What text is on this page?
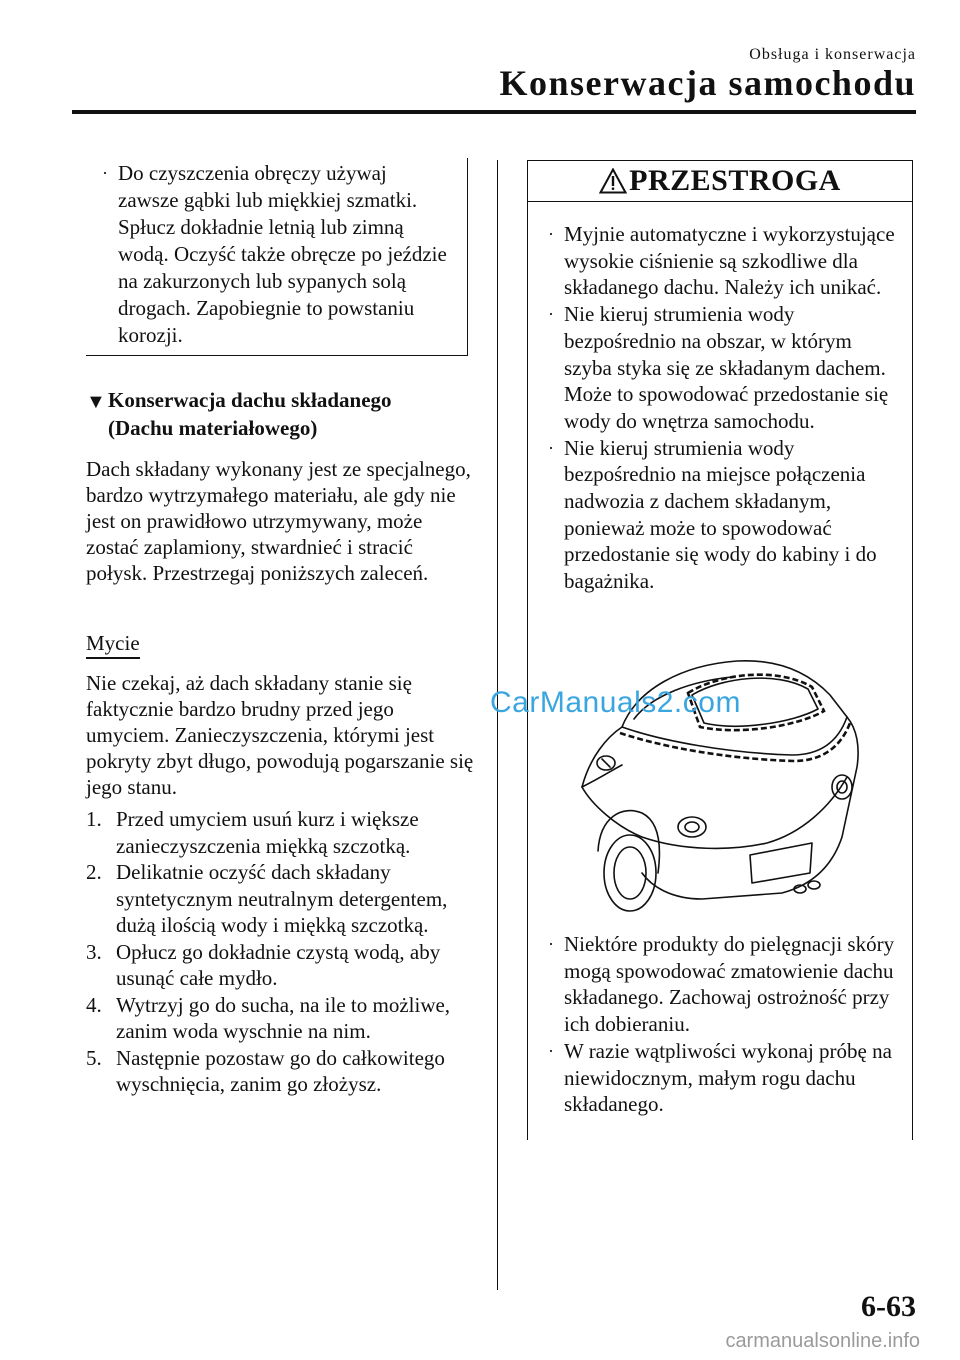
Obsługa i konserwacja
Konserwacja samochodu
· Do czyszczenia obręczy używaj zawsze gąbki lub miękkiej szmatki. Spłucz dokładnie letnią lub zimną wodą. Oczyść także obręcze po jeździe na zakurzonych lub sypanych solą drogach. Zapobiegnie to powstaniu korozji.
▼ Konserwacja dachu składanego
(Dachu materiałowego)
Dach składany wykonany jest ze specjalnego, bardzo wytrzymałego materiału, ale gdy nie jest on prawidłowo utrzymywany, może zostać zaplamiony, stwardnieć i stracić połysk. Przestrzegaj poniższych zaleceń.
Mycie
Nie czekaj, aż dach składany stanie się faktycznie bardzo brudny przed jego umyciem. Zanieczyszczenia, którymi jest pokryty zbyt długo, powodują pogarszanie się jego stanu.
1. Przed umyciem usuń kurz i większe zanieczyszczenia miękką szczotką.
2. Delikatnie oczyść dach składany syntetycznym neutralnym detergentem, dużą ilością wody i miękką szczotką.
3. Opłucz go dokładnie czystą wodą, aby usunąć całe mydło.
4. Wytrzyj go do sucha, na ile to możliwe, zanim woda wyschnie na nim.
5. Następnie pozostaw go do całkowitego wyschnięcia, zanim go złożysz.
PRZESTROGA
· Myjnie automatyczne i wykorzystujące wysokie ciśnienie są szkodliwe dla składanego dachu. Należy ich unikać.
· Nie kieruj strumienia wody bezpośrednio na obszar, w którym szyba styka się ze składanym dachem. Może to spowodować przedostanie się wody do wnętrza samochodu.
· Nie kieruj strumienia wody bezpośrednio na miejsce połączenia nadwozia z dachem składanym, ponieważ może to spowodować przedostanie się wody do kabiny i do bagażnika.
· Niektóre produkty do pielęgnacji skóry mogą spowodować zmatowienie dachu składanego. Zachowaj ostrożność przy ich dobieraniu.
· W razie wątpliwości wykonaj próbę na niewidocznym, małym rogu dachu składanego.
CarManuals2.com
6-63
carmanualsonline.info
